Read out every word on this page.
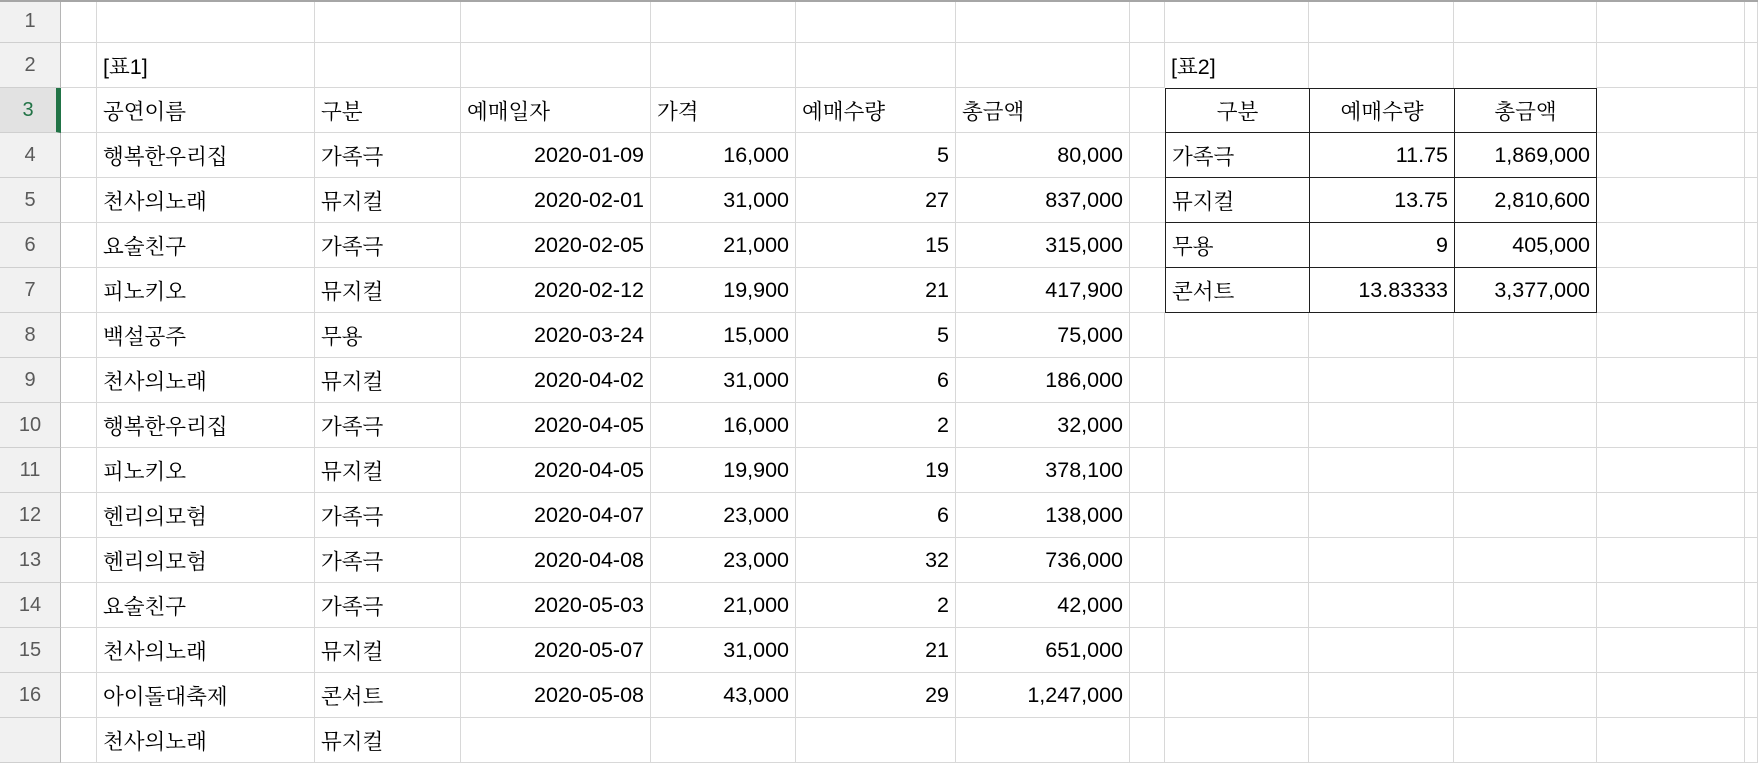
1
2	[표1]	[표2]
3	공연이름	구분	예매일자	가격	예매수량	총금액	구분	예매수량	총금액
4	행복한우리집	가족극	2020-01-09	16,000	5	80,000	가족극	11.75	1,869,000
5	천사의노래	뮤지컬	2020-02-01	31,000	27	837,000	뮤지컬	13.75	2,810,600
6	요술친구	가족극	2020-02-05	21,000	15	315,000	무용	9	405,000
7	피노키오	뮤지컬	2020-02-12	19,900	21	417,900	콘서트	13.83333	3,377,000
8	백설공주	무용	2020-03-24	15,000	5	75,000
9	천사의노래	뮤지컬	2020-04-02	31,000	6	186,000
10	행복한우리집	가족극	2020-04-05	16,000	2	32,000
11	피노키오	뮤지컬	2020-04-05	19,900	19	378,100
12	헨리의모험	가족극	2020-04-07	23,000	6	138,000
13	헨리의모험	가족극	2020-04-08	23,000	32	736,000
14	요술친구	가족극	2020-05-03	21,000	2	42,000
15	천사의노래	뮤지컬	2020-05-07	31,000	21	651,000
16	아이돌대축제	콘서트	2020-05-08	43,000	29	1,247,000
천사의노래	뮤지컬
